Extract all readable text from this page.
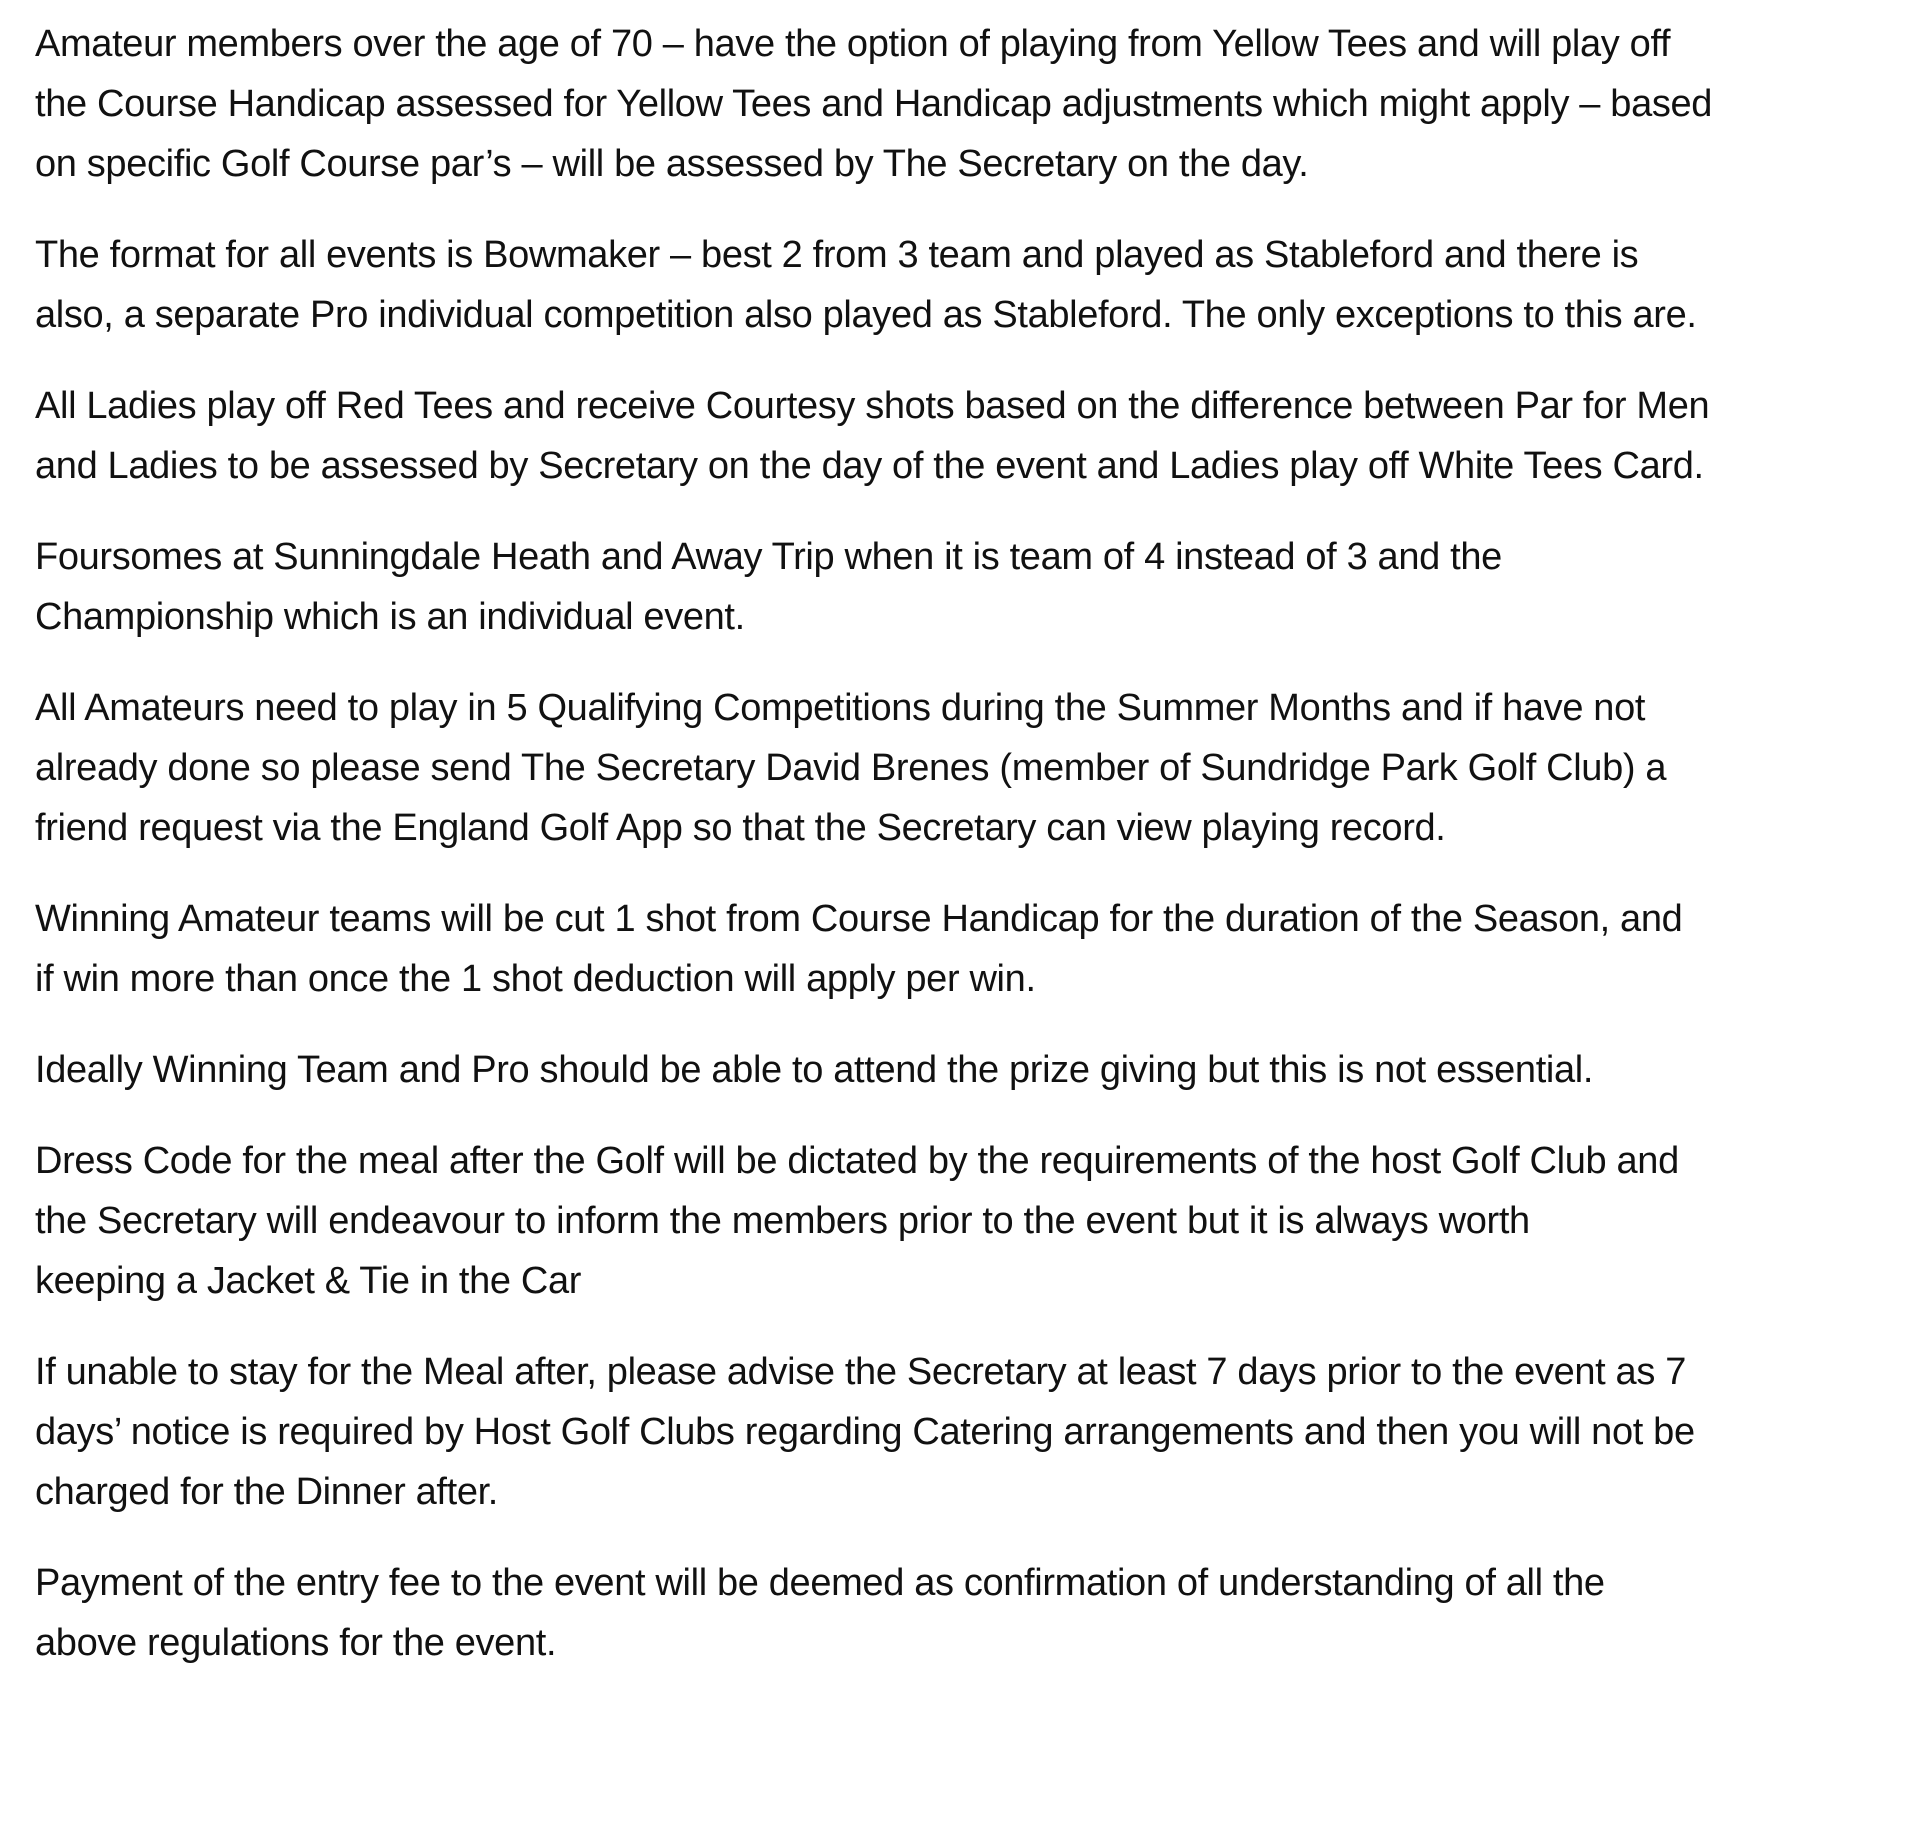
Amateur members over the age of 70 – have the option of playing from Yellow Tees and will play off
the Course Handicap assessed for Yellow Tees and Handicap adjustments which might apply – based
on specific Golf Course par’s – will be assessed by The Secretary on the day.

The format for all events is Bowmaker – best 2 from 3 team and played as Stableford and there is
also, a separate Pro individual competition also played as Stableford. The only exceptions to this are.

All Ladies play off Red Tees and receive Courtesy shots based on the difference between Par for Men
and Ladies to be assessed by Secretary on the day of the event and Ladies play off White Tees Card.

Foursomes at Sunningdale Heath and Away Trip when it is team of 4 instead of 3 and the
Championship which is an individual event.

All Amateurs need to play in 5 Qualifying Competitions during the Summer Months and if have not
already done so please send The Secretary David Brenes (member of Sundridge Park Golf Club) a
friend request via the England Golf App so that the Secretary can view playing record.

Winning Amateur teams will be cut 1 shot from Course Handicap for the duration of the Season, and
if win more than once the 1 shot deduction will apply per win.

Ideally Winning Team and Pro should be able to attend the prize giving but this is not essential.

Dress Code for the meal after the Golf will be dictated by the requirements of the host Golf Club and
the Secretary will endeavour to inform the members prior to the event but it is always worth
keeping a Jacket & Tie in the Car

If unable to stay for the Meal after, please advise the Secretary at least 7 days prior to the event as 7
days’ notice is required by Host Golf Clubs regarding Catering arrangements and then you will not be
charged for the Dinner after.

Payment of the entry fee to the event will be deemed as confirmation of understanding of all the
above regulations for the event.
